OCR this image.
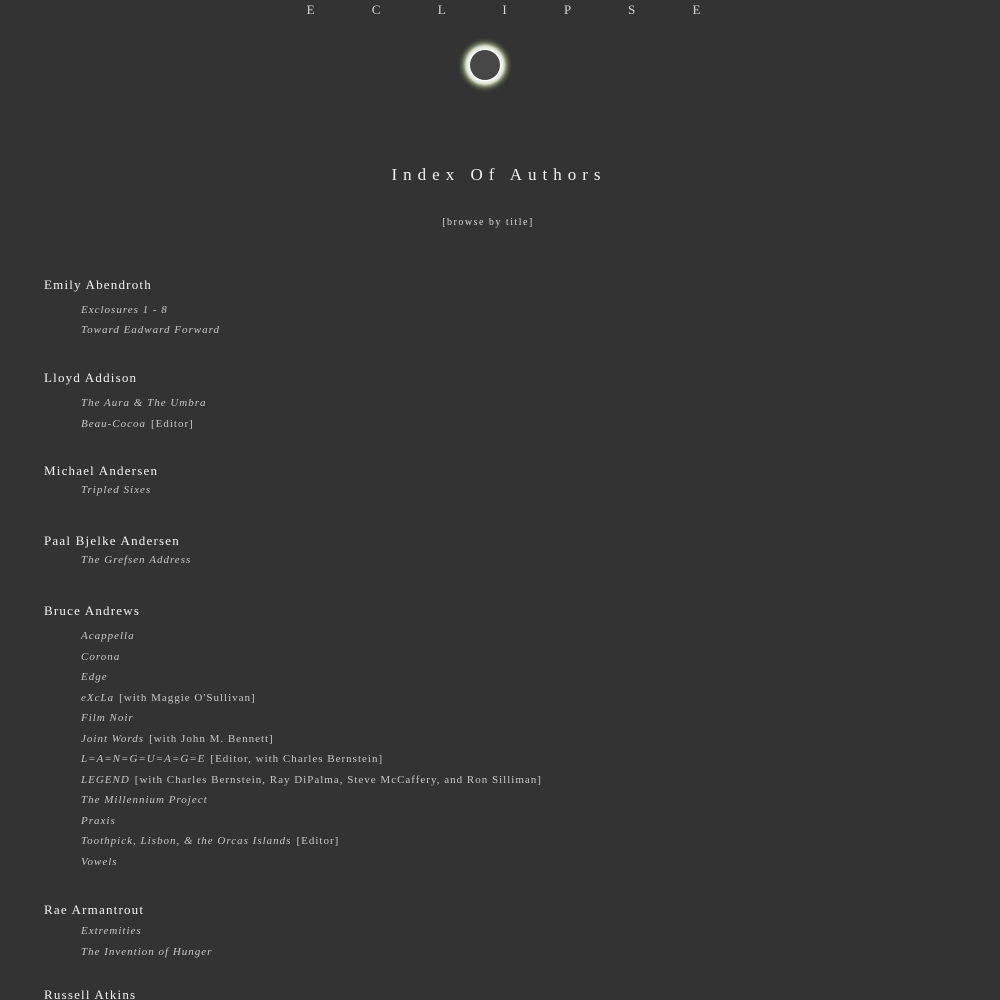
E C L I P S E
Index Of Authors
[browse by title]
Emily Abendroth
Exclosures 1 - 8
Toward Eadward Forward
Lloyd Addison
The Aura & The Umbra
Beau-Cocoa [Editor]
Michael Andersen
Tripled Sixes
Paal Bjelke Andersen
The Grefsen Address
Bruce Andrews
Acappella
Corona
Edge
eXcLa [with Maggie O'Sullivan]
Film Noir
Joint Words [with John M. Bennett]
L=A=N=G=U=A=G=E [Editor, with Charles Bernstein]
LEGEND [with Charles Bernstein, Ray DiPalma, Steve McCaffery, and Ron Silliman]
The Millennium Project
Praxis
Toothpick, Lisbon, & the Orcas Islands [Editor]
Vowels
Rae Armantrout
Extremities
The Invention of Hunger
Russell Atkins
